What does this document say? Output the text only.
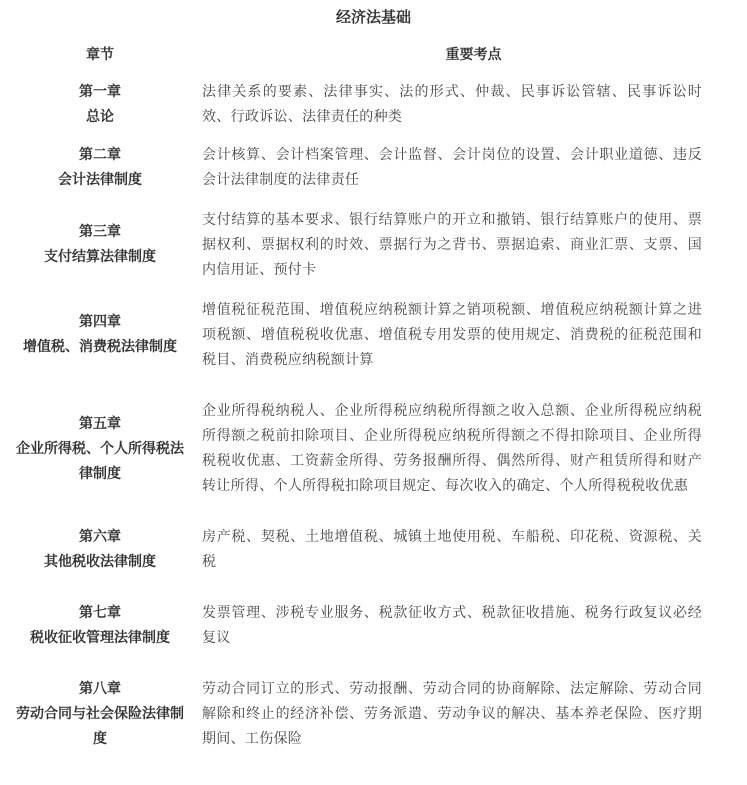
经济法基础
章节	重要考点

第一章
总论	法律关系的要素、法律事实、法的形式、仲裁、民事诉讼管辖、民事诉讼时效、行政诉讼、法律责任的种类

第二章
会计法律制度	会计核算、会计档案管理、会计监督、会计岗位的设置、会计职业道德、违反会计法律制度的法律责任

第三章
支付结算法律制度	支付结算的基本要求、银行结算账户的开立和撤销、银行结算账户的使用、票据权利、票据权利的时效、票据行为之背书、票据追索、商业汇票、支票、国内信用证、预付卡

第四章
增值税、消费税法律制度	增值税征税范围、增值税应纳税额计算之销项税额、增值税应纳税额计算之进项税额、增值税税收优惠、增值税专用发票的使用规定、消费税的征税范围和税目、消费税应纳税额计算

第五章
企业所得税、个人所得税法律制度	企业所得税纳税人、企业所得税应纳税所得额之收入总额、企业所得税应纳税所得额之税前扣除项目、企业所得税应纳税所得额之不得扣除项目、企业所得税税收优惠、工资薪金所得、劳务报酬所得、偶然所得、财产租赁所得和财产转让所得、个人所得税扣除项目规定、每次收入的确定、个人所得税税收优惠

第六章
其他税收法律制度	房产税、契税、土地增值税、城镇土地使用税、车船税、印花税、资源税、关税

第七章
税收征收管理法律制度	发票管理、涉税专业服务、税款征收方式、税款征收措施、税务行政复议必经复议

第八章
劳动合同与社会保险法律制度	劳动合同订立的形式、劳动报酬、劳动合同的协商解除、法定解除、劳动合同解除和终止的经济补偿、劳务派遣、劳动争议的解决、基本养老保险、医疗期期间、工伤保险
